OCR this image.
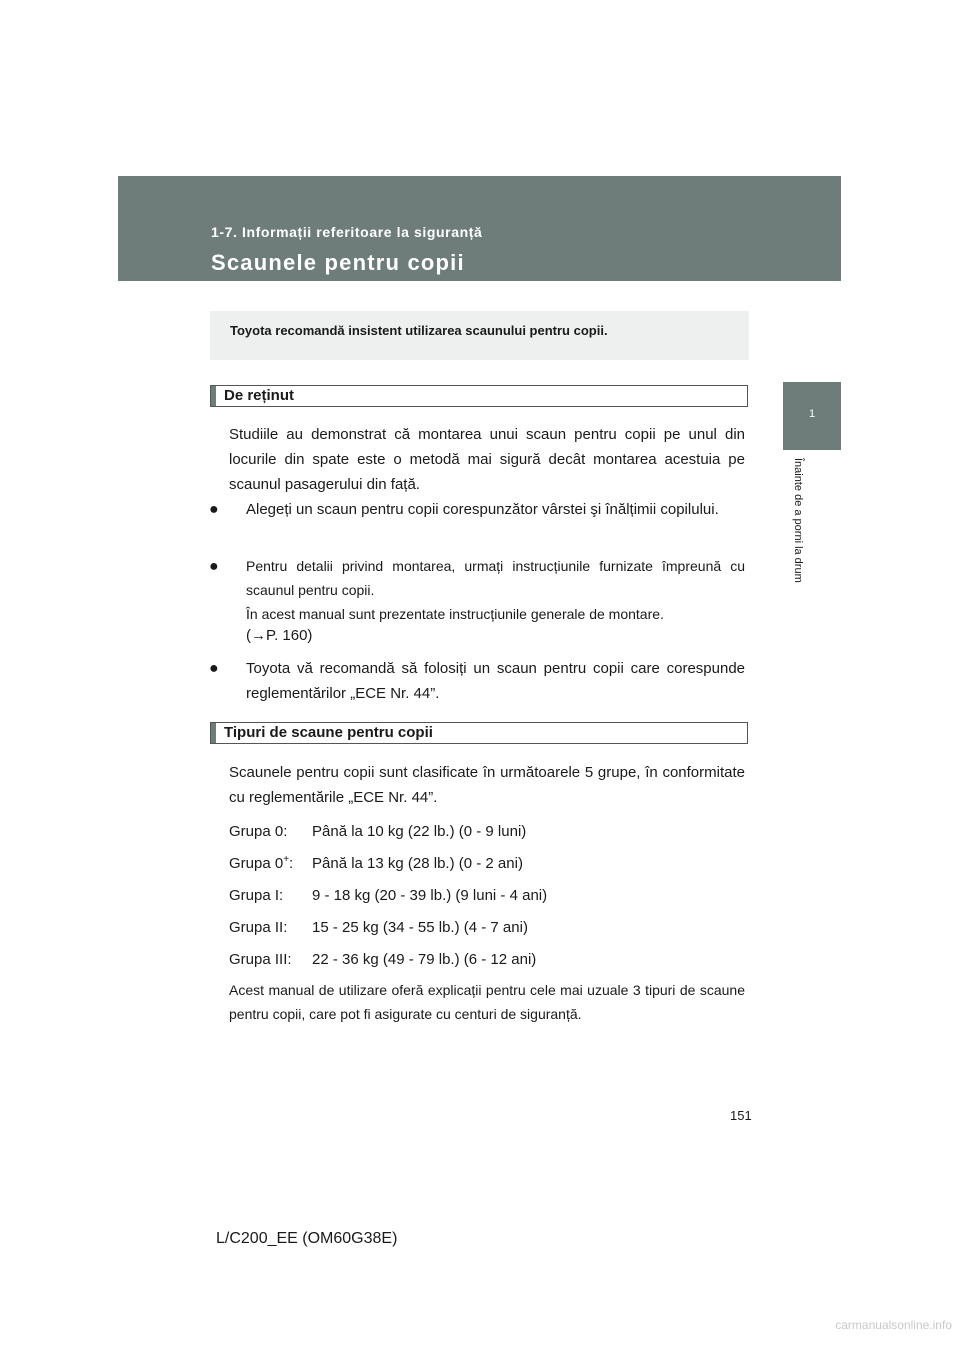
1-7. Informații referitoare la siguranță
Scaunele pentru copii
1
Înainte de a porni la drum
Toyota recomandă insistent utilizarea scaunului pentru copii.
De reținut
Studiile au demonstrat că montarea unui scaun pentru copii pe unul din locurile din spate este o metodă mai sigură decât montarea acestuia pe scaunul pasagerului din față.
●	Alegeți un scaun pentru copii corespunzător vârstei şi înălțimii copilului.
●	Pentru detalii privind montarea, urmați instrucțiunile furnizate împreună cu scaunul pentru copii.
În acest manual sunt prezentate instrucțiunile generale de montare.
(→P. 160)
●	Toyota vă recomandă să folosiți un scaun pentru copii care corespunde reglementărilor „ECE Nr. 44”.
Tipuri de scaune pentru copii
Scaunele pentru copii sunt clasificate în următoarele 5 grupe, în conformitate cu reglementările „ECE Nr. 44”.
Grupa 0: Până la 10 kg (22 lb.) (0 - 9 luni)
Grupa 0+: Până la 13 kg (28 lb.) (0 - 2 ani)
Grupa I: 9 - 18 kg (20 - 39 lb.) (9 luni - 4 ani)
Grupa II: 15 - 25 kg (34 - 55 lb.) (4 - 7 ani)
Grupa III: 22 - 36 kg (49 - 79 lb.) (6 - 12 ani)
Acest manual de utilizare oferă explicații pentru cele mai uzuale 3 tipuri de scaune pentru copii, care pot fi asigurate cu centuri de siguranță.
151
L/C200_EE (OM60G38E)
carmanualsonline.info
